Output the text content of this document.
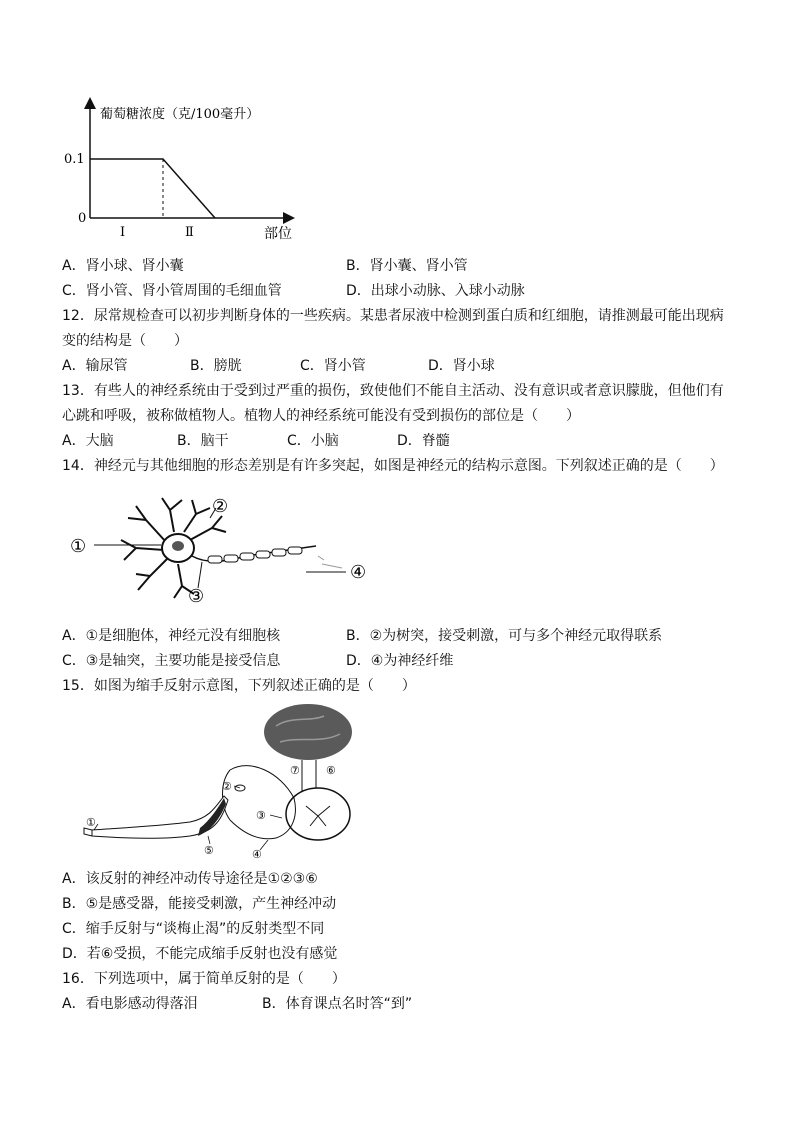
葡萄糖浓度（克/100毫升）
0.1
0
Ⅰ	Ⅱ	部位
A．肾小球、肾小囊	B．肾小囊、肾小管
C．肾小管、肾小管周围的毛细血管	D．出球小动脉、入球小动脉
12．尿常规检查可以初步判断身体的一些疾病。某患者尿液中检测到蛋白质和红细胞，请推测最可能出现病
变的结构是（　　）
A．输尿管	B．膀胱	C．肾小管	D．肾小球
13．有些人的神经系统由于受到过严重的损伤，致使他们不能自主活动、没有意识或者意识朦胧，但他们有
心跳和呼吸，被称做植物人。植物人的神经系统可能没有受到损伤的部位是（　　）
A．大脑	B．脑干	C．小脑	D．脊髓
14．神经元与其他细胞的形态差别是有许多突起，如图是神经元的结构示意图。下列叙述正确的是（　　）
①
②
③
④
A．①是细胞体，神经元没有细胞核	B．②为树突，接受刺激，可与多个神经元取得联系
C．③是轴突，主要功能是接受信息	D．④为神经纤维
15．如图为缩手反射示意图，下列叙述正确的是（　　）
①
②
③
④
⑤
⑥
⑦
A．该反射的神经冲动传导途径是①②③⑥
B．⑤是感受器，能接受刺激，产生神经冲动
C．缩手反射与“谈梅止渴”的反射类型不同
D．若⑥受损，不能完成缩手反射也没有感觉
16．下列选项中，属于简单反射的是（　　）
A．看电影感动得落泪	B．体育课点名时答“到”
